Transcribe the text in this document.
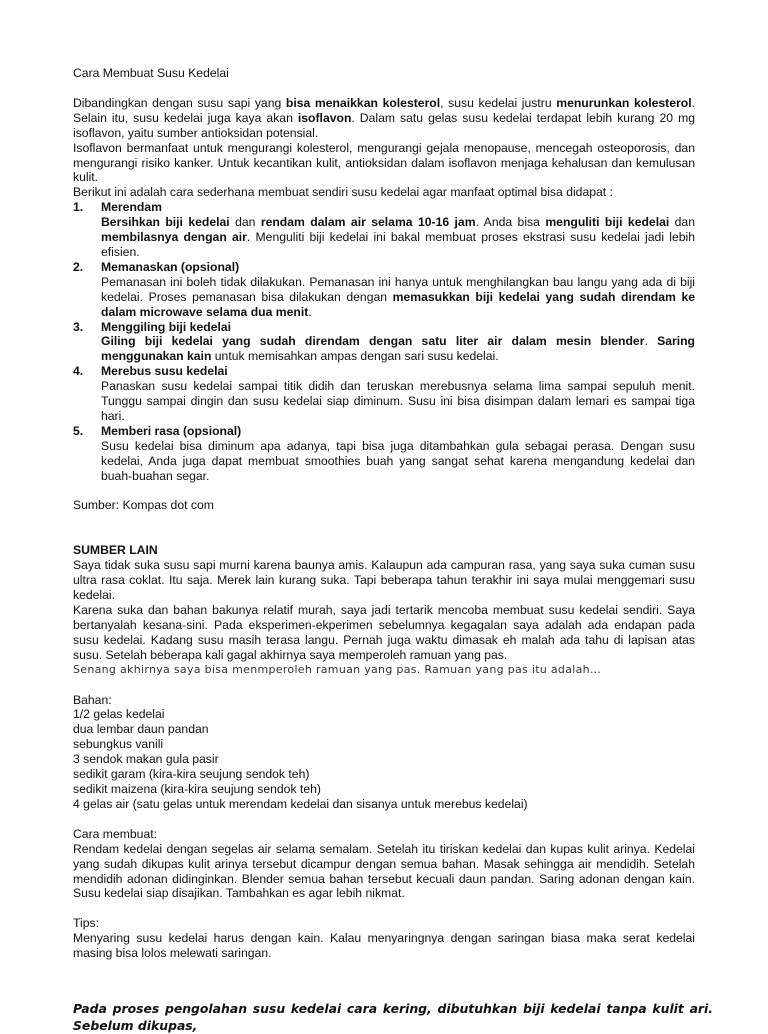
Cara Membuat Susu Kedelai

Dibandingkan dengan susu sapi yang bisa menaikkan kolesterol, susu kedelai justru menurunkan kolesterol. Selain itu, susu kedelai juga kaya akan isoflavon. Dalam satu gelas susu kedelai terdapat lebih kurang 20 mg isoflavon, yaitu sumber antioksidan potensial.

Isoflavon bermanfaat untuk mengurangi kolesterol, mengurangi gejala menopause, mencegah osteoporosis, dan mengurangi risiko kanker. Untuk kecantikan kulit, antioksidan dalam isoflavon menjaga kehalusan dan kemulusan kulit.

Berikut ini adalah cara sederhana membuat sendiri susu kedelai agar manfaat optimal bisa didapat :

1. Merendam

Bersihkan biji kedelai dan rendam dalam air selama 10-16 jam. Anda bisa menguliti biji kedelai dan membilasnya dengan air. Menguliti biji kedelai ini bakal membuat proses ekstrasi susu kedelai jadi lebih efisien.

2. Memanaskan (opsional)

Pemanasan ini boleh tidak dilakukan. Pemanasan ini hanya untuk menghilangkan bau langu yang ada di biji kedelai. Proses pemanasan bisa dilakukan dengan memasukkan biji kedelai yang sudah direndam ke dalam microwave selama dua menit.

3. Menggiling biji kedelai

Giling biji kedelai yang sudah direndam dengan satu liter air dalam mesin blender. Saring menggunakan kain untuk memisahkan ampas dengan sari susu kedelai.

4. Merebus susu kedelai

Panaskan susu kedelai sampai titik didih dan teruskan merebusnya selama lima sampai sepuluh menit. Tunggu sampai dingin dan susu kedelai siap diminum. Susu ini bisa disimpan dalam lemari es sampai tiga hari.

5. Memberi rasa (opsional)

Susu kedelai bisa diminum apa adanya, tapi bisa juga ditambahkan gula sebagai perasa. Dengan susu kedelai, Anda juga dapat membuat smoothies buah yang sangat sehat karena mengandung kedelai dan buah-buahan segar.

Sumber: Kompas dot com

SUMBER LAIN

Saya tidak suka susu sapi murni karena baunya amis. Kalaupun ada campuran rasa, yang saya suka cuman susu ultra rasa coklat. Itu saja. Merek lain kurang suka. Tapi beberapa tahun terakhir ini saya mulai menggemari susu kedelai.

Karena suka dan bahan bakunya relatif murah, saya jadi tertarik mencoba membuat susu kedelai sendiri. Saya bertanyalah kesana-sini. Pada eksperimen-ekperimen sebelumnya kegagalan saya adalah ada endapan pada susu kedelai. Kadang susu masih terasa langu. Pernah juga waktu dimasak eh malah ada tahu di lapisan atas susu. Setelah beberapa kali gagal akhirnya saya memperoleh ramuan yang pas.

Senang akhirnya saya bisa menmperoleh ramuan yang pas. Ramuan yang pas itu adalah…

Bahan:

1/2 gelas kedelai
dua lembar daun pandan
sebungkus vanili
3 sendok makan gula pasir
sedikit garam (kira-kira seujung sendok teh)
sedikit maizena (kira-kira seujung sendok teh)
4 gelas air (satu gelas untuk merendam kedelai dan sisanya untuk merebus kedelai)

Cara membuat:

Rendam kedelai dengan segelas air selama semalam. Setelah itu tiriskan kedelai dan kupas kulit arinya. Kedelai yang sudah dikupas kulit arinya tersebut dicampur dengan semua bahan. Masak sehingga air mendidih. Setelah mendidih adonan didinginkan. Blender semua bahan tersebut kecuali daun pandan. Saring adonan dengan kain. Susu kedelai siap disajikan. Tambahkan es agar lebih nikmat.

Tips:

Menyaring susu kedelai harus dengan kain. Kalau menyaringnya dengan saringan biasa maka serat kedelai masing bisa lolos melewati saringan.

Pada proses pengolahan susu kedelai cara kering, dibutuhkan biji kedelai tanpa kulit ari. Sebelum dikupas,
